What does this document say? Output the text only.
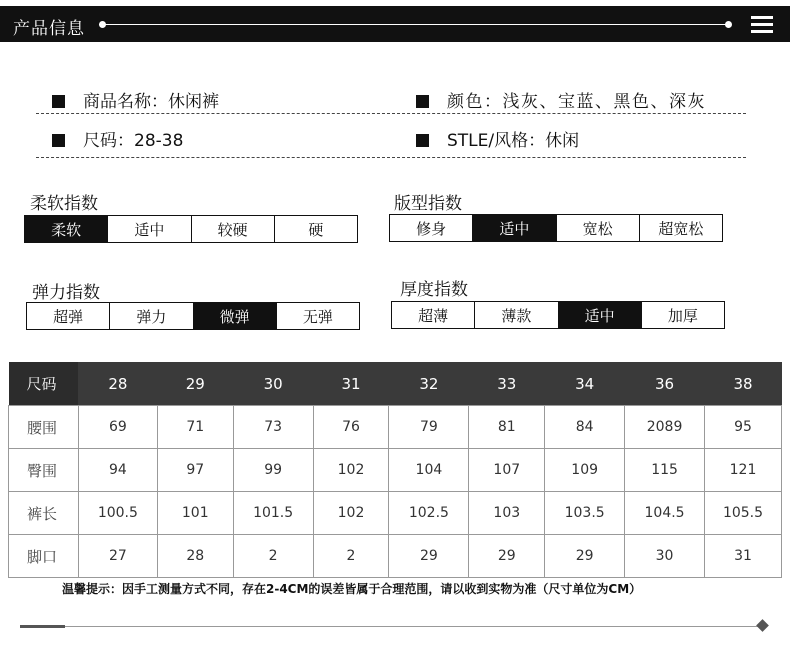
产品信息
商品名称：休闲裤	颜色：浅灰、宝蓝、黑色、深灰
尺码：28-38	STLE/风格：休闲
柔软指数
柔软	适中	较硬	硬
版型指数
修身	适中	宽松	超宽松
弹力指数
超弹	弹力	微弹	无弹
厚度指数
超薄	薄款	适中	加厚
尺码	28	29	30	31	32	33	34	36	38
腰围	69	71	73	76	79	81	84	2089	95
臀围	94	97	99	102	104	107	109	115	121
裤长	100.5	101	101.5	102	102.5	103	103.5	104.5	105.5
脚口	27	28	2	2	29	29	29	30	31
温馨提示：因手工测量方式不同，存在2-4CM的误差皆属于合理范围，请以收到实物为准（尺寸单位为CM）
